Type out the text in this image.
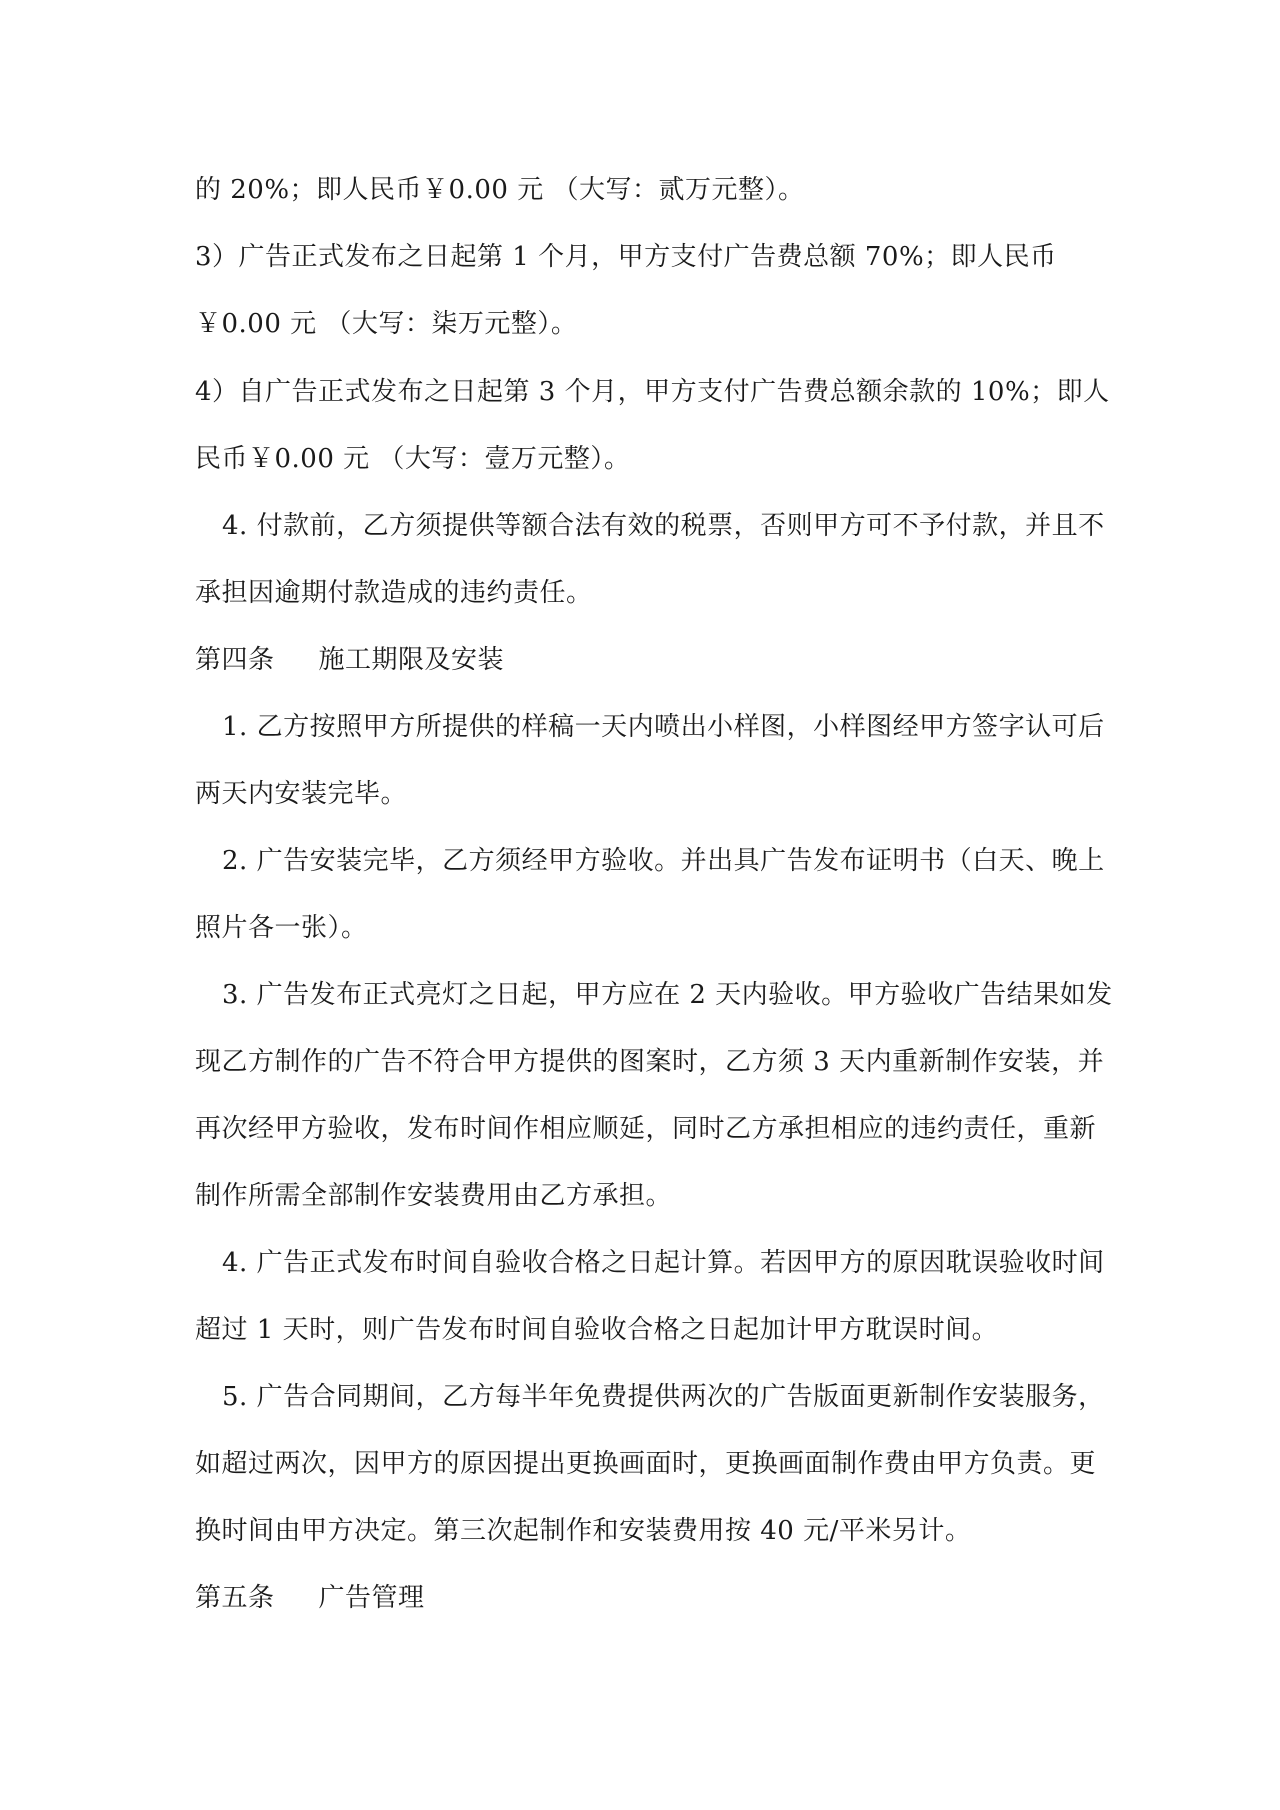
的 20%；即人民币￥0.00 元 （大写：贰万元整）。
3）广告正式发布之日起第 1 个月，甲方支付广告费总额 70%；即人民币
￥0.00 元 （大写：柒万元整）。
4）自广告正式发布之日起第 3 个月，甲方支付广告费总额余款的 10%；即人
民币￥0.00 元 （大写：壹万元整）。
4. 付款前，乙方须提供等额合法有效的税票，否则甲方可不予付款，并且不
承担因逾期付款造成的违约责任。
第四条 施工期限及安装
1. 乙方按照甲方所提供的样稿一天内喷出小样图，小样图经甲方签字认可后
两天内安装完毕。
2. 广告安装完毕，乙方须经甲方验收。并出具广告发布证明书（白天、晚上
照片各一张）。
3. 广告发布正式亮灯之日起，甲方应在 2 天内验收。甲方验收广告结果如发
现乙方制作的广告不符合甲方提供的图案时，乙方须 3 天内重新制作安装，并
再次经甲方验收，发布时间作相应顺延，同时乙方承担相应的违约责任，重新
制作所需全部制作安装费用由乙方承担。
4. 广告正式发布时间自验收合格之日起计算。若因甲方的原因耽误验收时间
超过 1 天时，则广告发布时间自验收合格之日起加计甲方耽误时间。
5. 广告合同期间，乙方每半年免费提供两次的广告版面更新制作安装服务，
如超过两次，因甲方的原因提出更换画面时，更换画面制作费由甲方负责。更
换时间由甲方决定。第三次起制作和安装费用按 40 元/平米另计。
第五条 广告管理
